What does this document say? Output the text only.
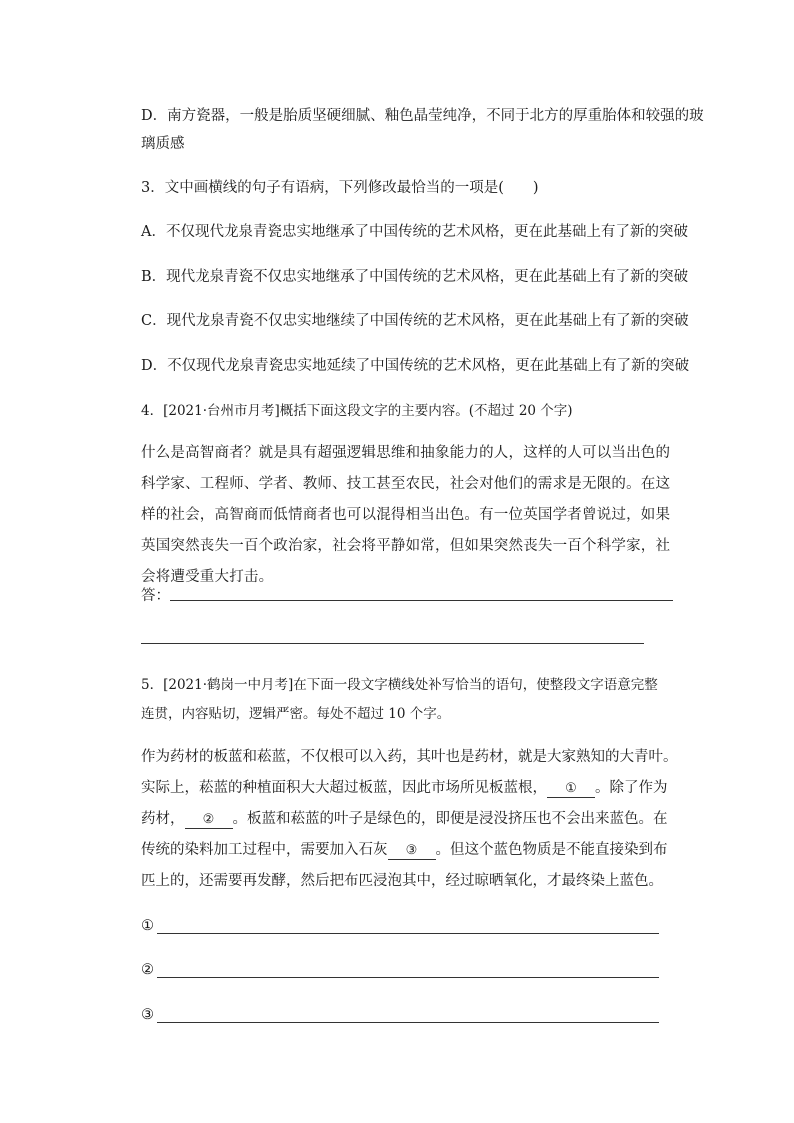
D．南方瓷器，一般是胎质坚硬细腻、釉色晶莹纯净，不同于北方的厚重胎体和较强的玻
璃质感
3．文中画横线的句子有语病，下列修改最恰当的一项是(　　)
A．不仅现代龙泉青瓷忠实地继承了中国传统的艺术风格，更在此基础上有了新的突破
B．现代龙泉青瓷不仅忠实地继承了中国传统的艺术风格，更在此基础上有了新的突破
C．现代龙泉青瓷不仅忠实地继续了中国传统的艺术风格，更在此基础上有了新的突破
D．不仅现代龙泉青瓷忠实地延续了中国传统的艺术风格，更在此基础上有了新的突破
4．[2021·台州市月考]概括下面这段文字的主要内容。(不超过 20 个字)
什么是高智商者？就是具有超强逻辑思维和抽象能力的人，这样的人可以当出色的科学家、工程师、学者、教师、技工甚至农民，社会对他们的需求是无限的。在这样的社会，高智商而低情商者也可以混得相当出色。有一位英国学者曾说过，如果英国突然丧失一百个政治家，社会将平静如常，但如果突然丧失一百个科学家，社会将遭受重大打击。
答：
5．[2021·鹤岗一中月考]在下面一段文字横线处补写恰当的语句，使整段文字语意完整
连贯，内容贴切，逻辑严密。每处不超过 10 个字。
作为药材的板蓝和菘蓝，不仅根可以入药，其叶也是药材，就是大家熟知的大青叶。实际上，菘蓝的种植面积大大超过板蓝，因此市场所见板蓝根， ① 。除了作为药材， ② 。板蓝和菘蓝的叶子是绿色的，即便是浸没挤压也不会出来蓝色。在传统的染料加工过程中，需要加入石灰 ③ 。但这个蓝色物质是不能直接染到布匹上的，还需要再发酵，然后把布匹浸泡其中，经过晾晒氧化，才最终染上蓝色。
①
②
③
